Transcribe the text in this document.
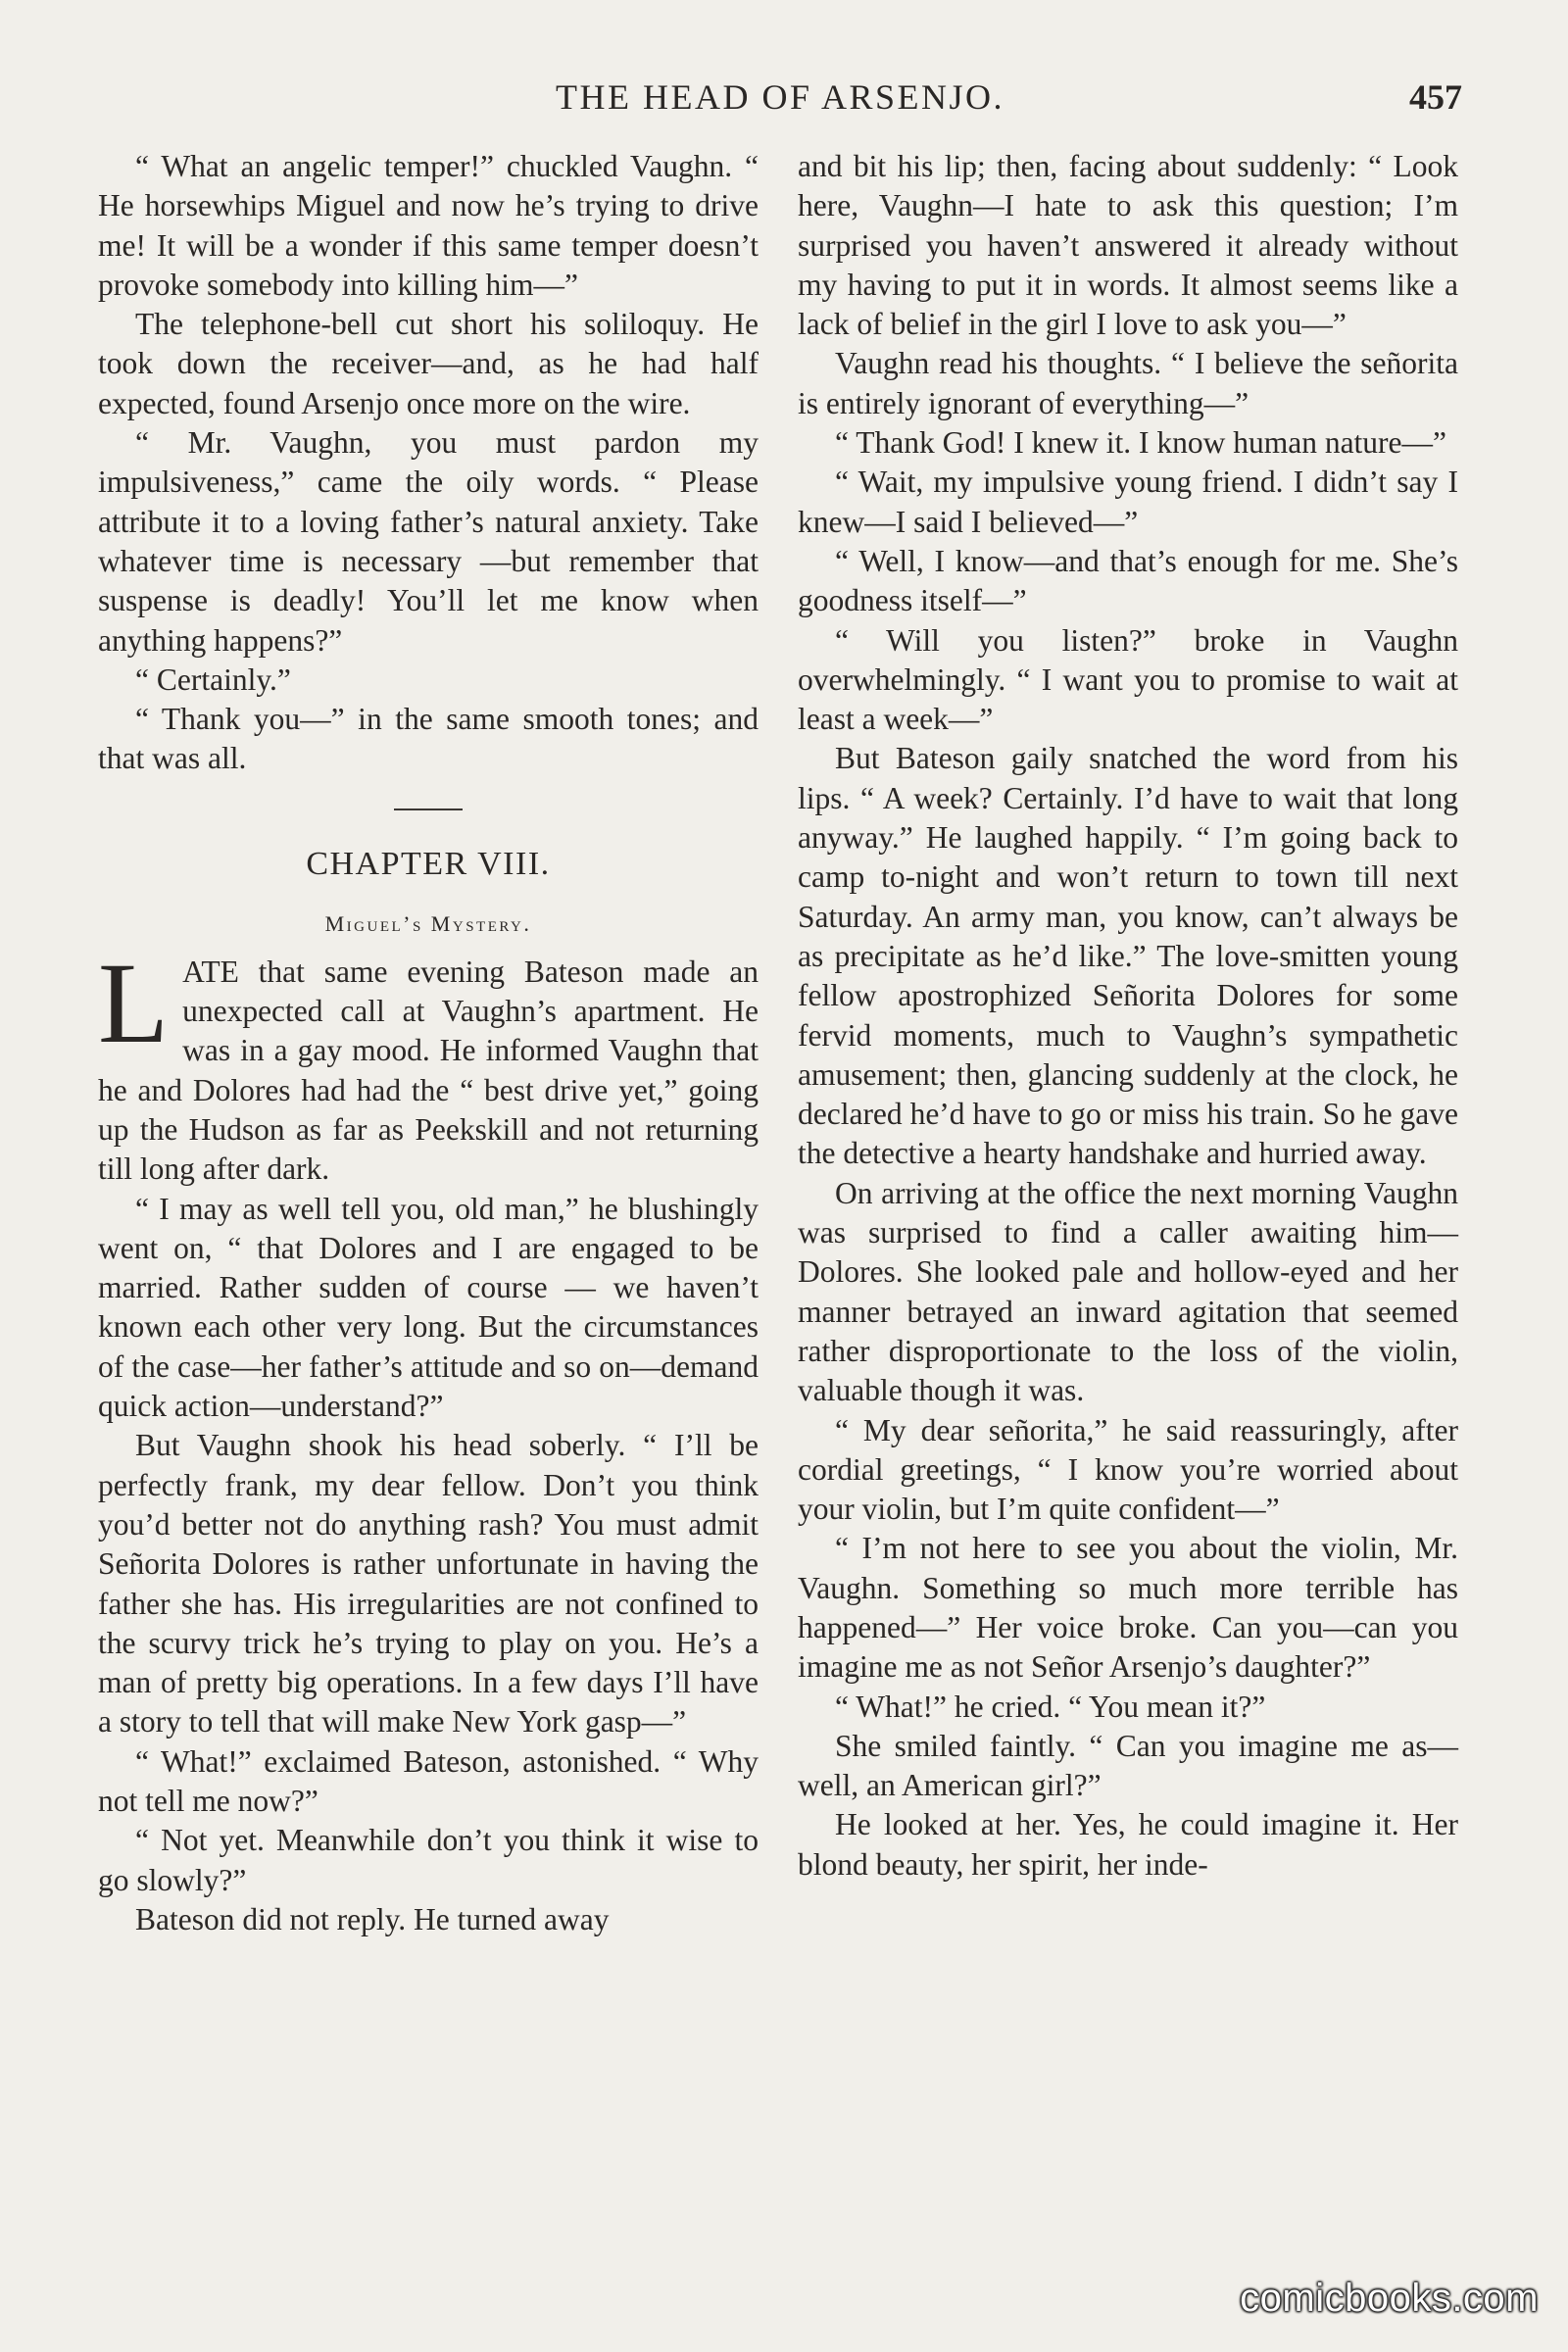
THE HEAD OF ARSENJO.	457

“ What an angelic temper!” chuckled Vaughn. “ He horsewhips Miguel and now he’s trying to drive me! It will be a wonder if this same temper doesn’t provoke somebody into killing him—”

The telephone-bell cut short his soliloquy. He took down the receiver—and, as he had half expected, found Arsenjo once more on the wire.

“ Mr. Vaughn, you must pardon my impulsiveness,” came the oily words. “ Please attribute it to a loving father’s natural anxiety. Take whatever time is necessary —but remember that suspense is deadly! You’ll let me know when anything happens?”

“ Certainly.”

“ Thank you—” in the same smooth tones; and that was all.

CHAPTER VIII.
Miguel’s Mystery.

LATE that same evening Bateson made an unexpected call at Vaughn’s apartment. He was in a gay mood. He informed Vaughn that he and Dolores had had the “ best drive yet,” going up the Hudson as far as Peekskill and not returning till long after dark.

“ I may as well tell you, old man,” he blushingly went on, “ that Dolores and I are engaged to be married. Rather sudden of course — we haven’t known each other very long. But the circumstances of the case—her father’s attitude and so on—demand quick action—understand?”

But Vaughn shook his head soberly. “ I’ll be perfectly frank, my dear fellow. Don’t you think you’d better not do anything rash? You must admit Señorita Dolores is rather unfortunate in having the father she has. His irregularities are not confined to the scurvy trick he’s trying to play on you. He’s a man of pretty big operations. In a few days I’ll have a story to tell that will make New York gasp—”

“ What!” exclaimed Bateson, astonished. “ Why not tell me now?”

“ Not yet. Meanwhile don’t you think it wise to go slowly?”

Bateson did not reply. He turned away

and bit his lip; then, facing about suddenly: “ Look here, Vaughn—I hate to ask this question; I’m surprised you haven’t answered it already without my having to put it in words. It almost seems like a lack of belief in the girl I love to ask you—”

Vaughn read his thoughts. “ I believe the señorita is entirely ignorant of everything—”

“ Thank God! I knew it. I know human nature—”

“ Wait, my impulsive young friend. I didn’t say I knew—I said I believed—”

“ Well, I know—and that’s enough for me. She’s goodness itself—”

“ Will you listen?” broke in Vaughn overwhelmingly. “ I want you to promise to wait at least a week—”

But Bateson gaily snatched the word from his lips. “ A week? Certainly. I’d have to wait that long anyway.” He laughed happily. “ I’m going back to camp to-night and won’t return to town till next Saturday. An army man, you know, can’t always be as precipitate as he’d like.” The love-smitten young fellow apostrophized Señorita Dolores for some fervid moments, much to Vaughn’s sympathetic amusement; then, glancing suddenly at the clock, he declared he’d have to go or miss his train. So he gave the detective a hearty handshake and hurried away.

On arriving at the office the next morning Vaughn was surprised to find a caller awaiting him—Dolores. She looked pale and hollow-eyed and her manner betrayed an inward agitation that seemed rather disproportionate to the loss of the violin, valuable though it was.

“ My dear señorita,” he said reassuringly, after cordial greetings, “ I know you’re worried about your violin, but I’m quite confident—”

“ I’m not here to see you about the violin, Mr. Vaughn. Something so much more terrible has happened—” Her voice broke. Can you—can you imagine me as not Señor Arsenjo’s daughter?”

“ What!” he cried. “ You mean it?”

She smiled faintly. “ Can you imagine me as—well, an American girl?”

He looked at her. Yes, he could imagine it. Her blond beauty, her spirit, her inde-

comicbooks.com
